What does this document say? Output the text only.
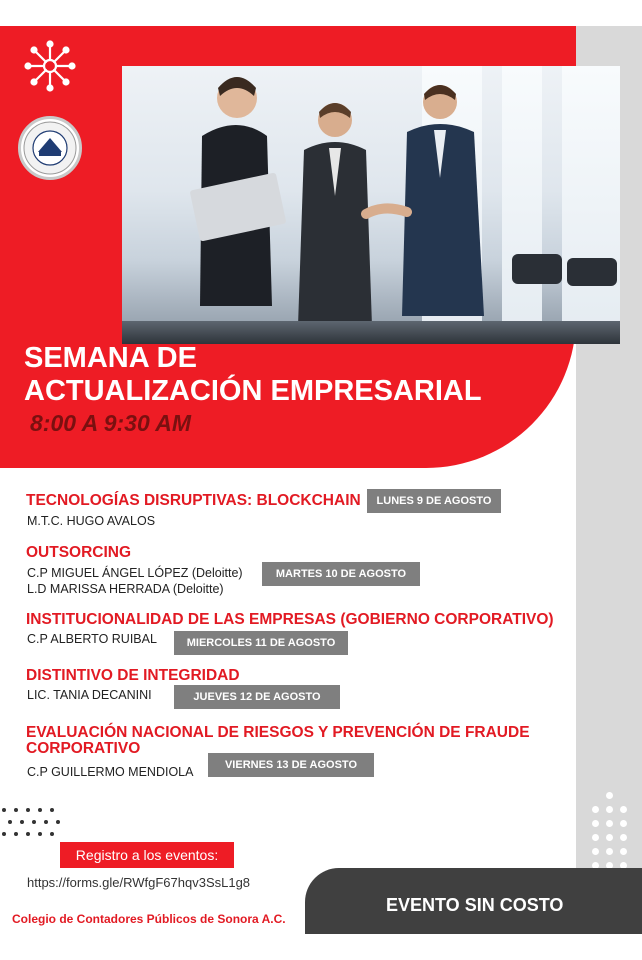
SEMANA DE
ACTUALIZACIÓN EMPRESARIAL

8:00 A 9:30 AM

TECNOLOGÍAS DISRUPTIVAS: BLOCKCHAIN

M.T.C. HUGO AVALOS

LUNES 9 DE AGOSTO

OUTSORCING

C.P MIGUEL ÁNGEL LÓPEZ (Deloitte)

L.D MARISSA HERRADA (Deloitte)

MARTES 10 DE AGOSTO

INSTITUCIONALIDAD DE LAS EMPRESAS (GOBIERNO CORPORATIVO)

C.P ALBERTO RUIBAL	MIERCOLES 11 DE AGOSTO

DISTINTIVO DE INTEGRIDAD

LIC. TANIA DECANINI	JUEVES 12 DE AGOSTO

EVALUACIÓN NACIONAL DE RIESGOS Y PREVENCIÓN DE FRAUDE

CORPORATIVO

C.P GUILLERMO MENDIOLA	VIERNES 13 DE AGOSTO
Registro a los eventos:
https://forms.gle/RWfgF67hqv3SsL1g8

Colegio de Contadores Públicos de Sonora A.C.

EVENTO SIN COSTO
